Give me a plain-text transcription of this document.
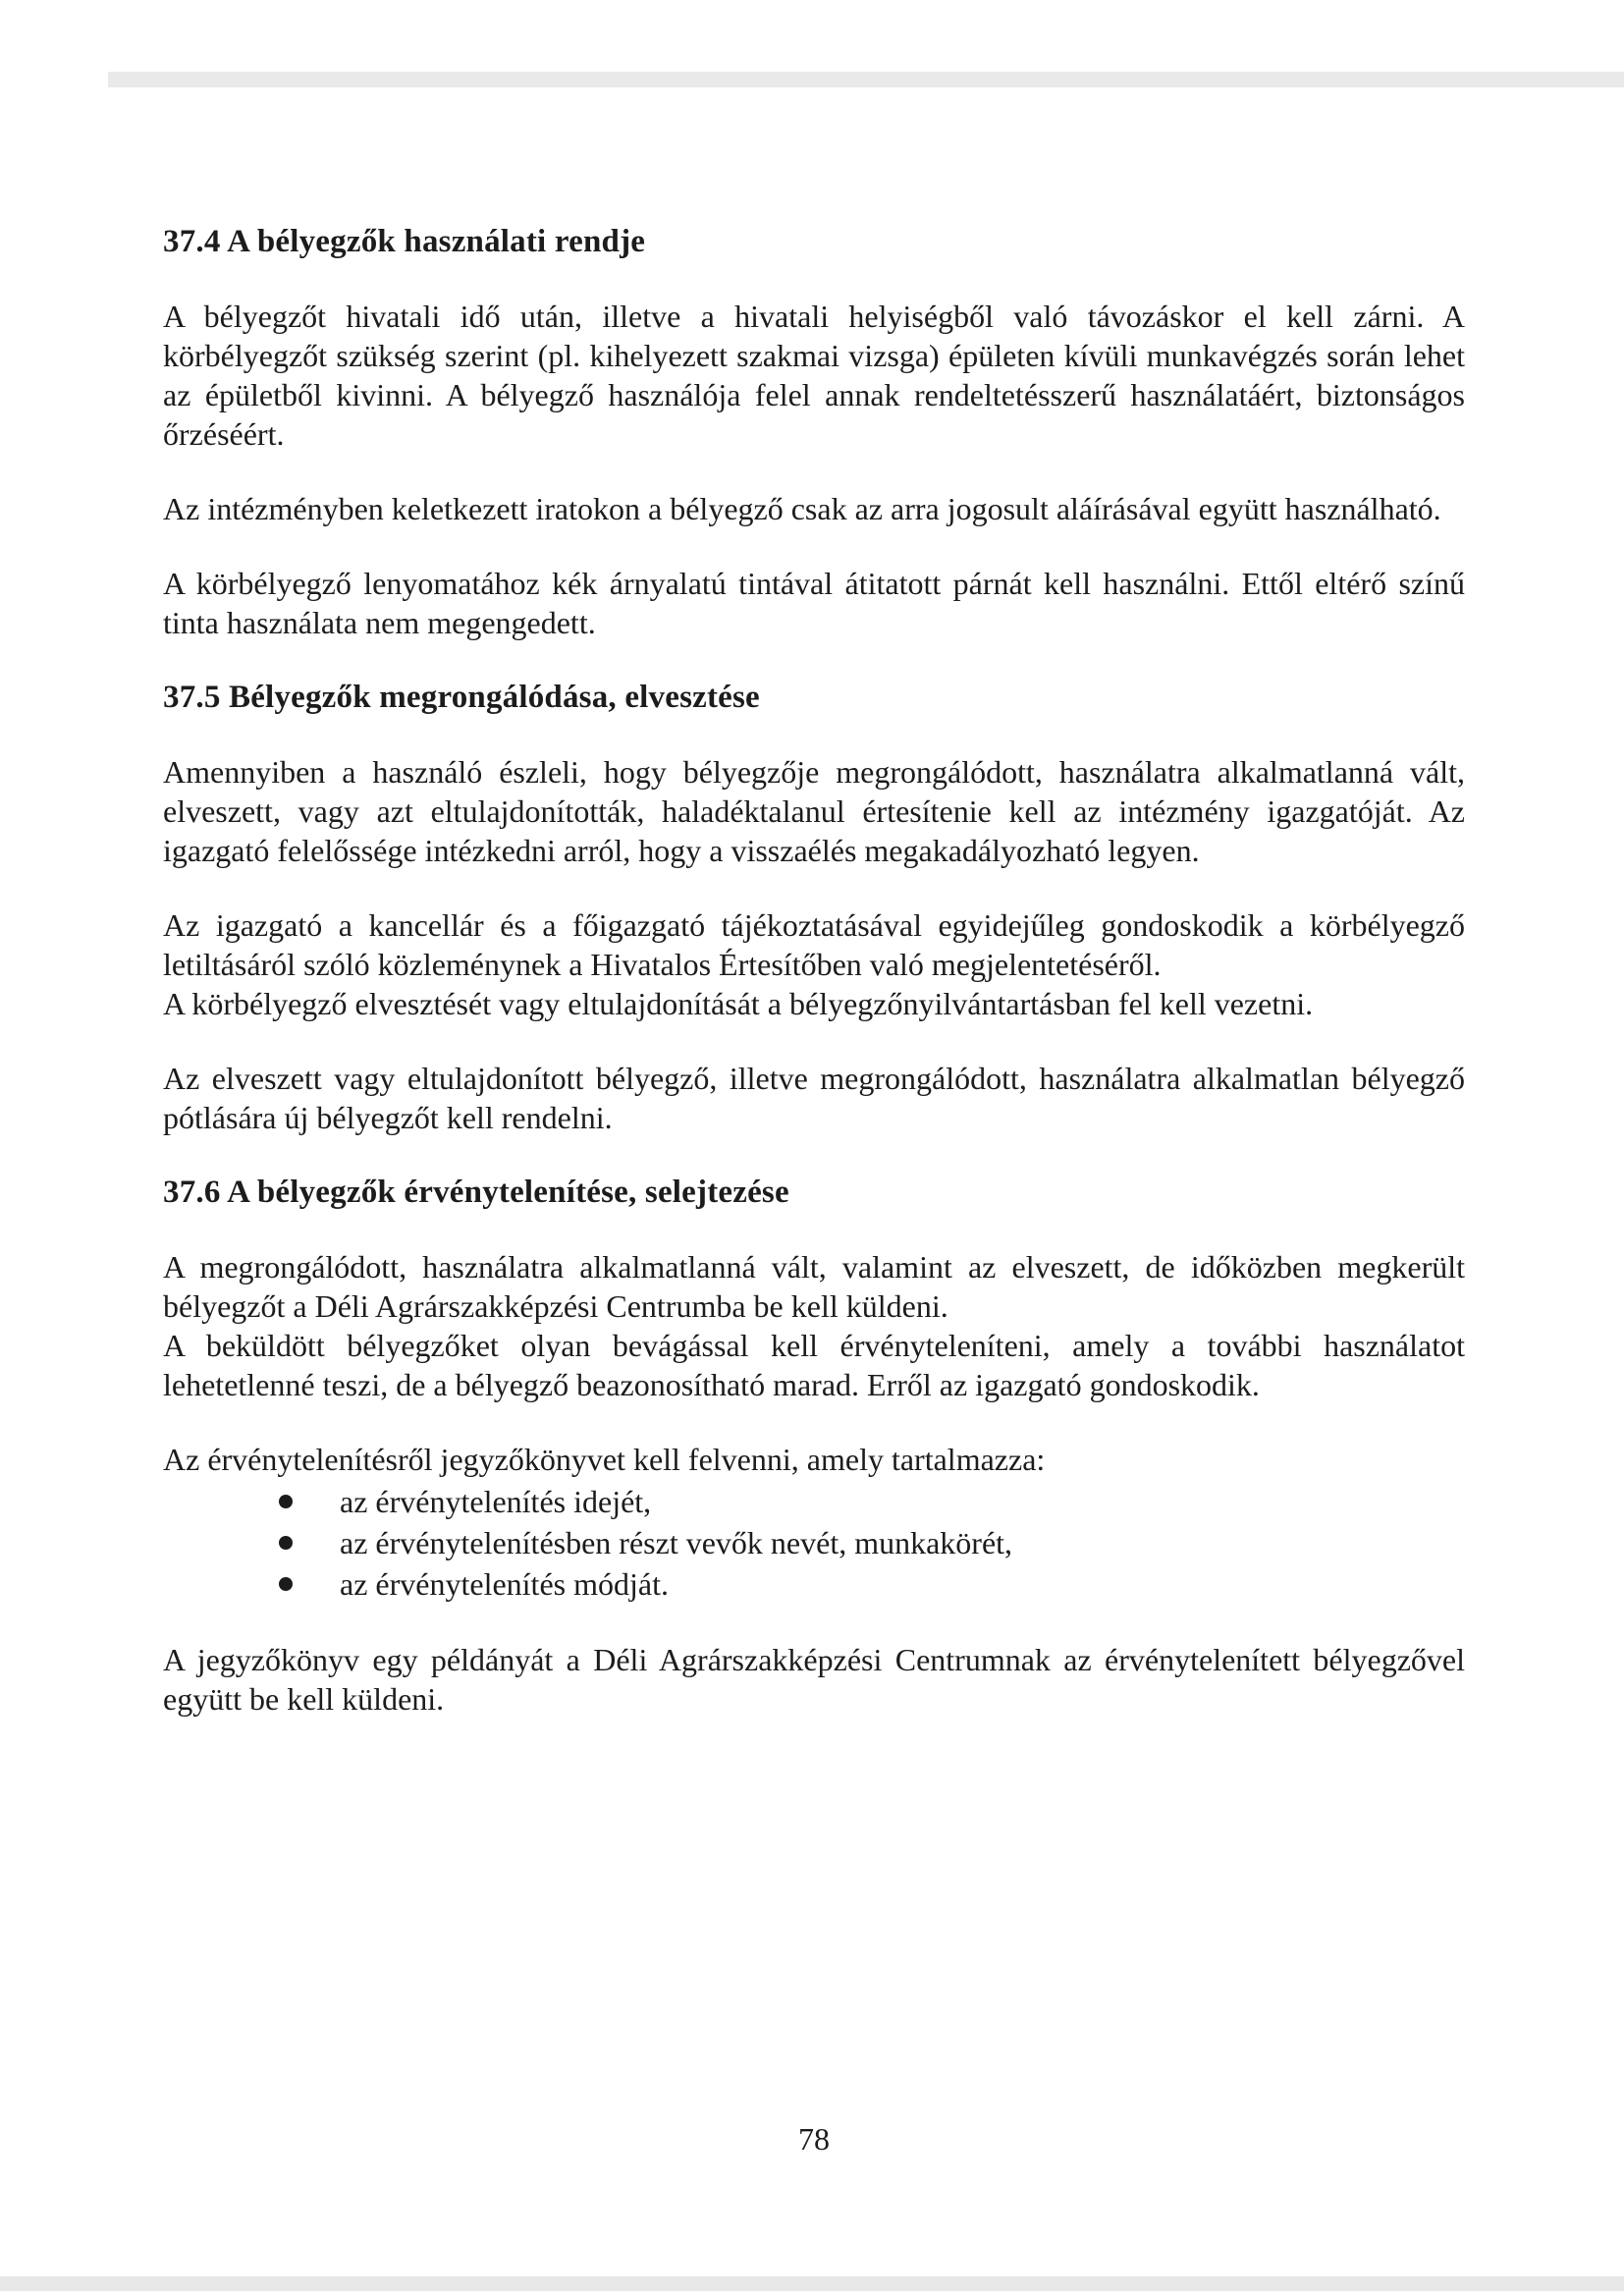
37.4 A bélyegzők használati rendje

A bélyegzőt hivatali idő után, illetve a hivatali helyiségből való távozáskor el kell zárni. A körbélyegzőt szükség szerint (pl. kihelyezett szakmai vizsga) épületen kívüli munkavégzés során lehet az épületből kivinni. A bélyegző használója felel annak rendeltetésszerű használatáért, biztonságos őrzéséért.

Az intézményben keletkezett iratokon a bélyegző csak az arra jogosult aláírásával együtt használható.

A körbélyegző lenyomatához kék árnyalatú tintával átitatott párnát kell használni. Ettől eltérő színű tinta használata nem megengedett.

37.5 Bélyegzők megrongálódása, elvesztése

Amennyiben a használó észleli, hogy bélyegzője megrongálódott, használatra alkalmatlanná vált, elveszett, vagy azt eltulajdonították, haladéktalanul értesítenie kell az intézmény igazgatóját. Az igazgató felelőssége intézkedni arról, hogy a visszaélés megakadályozható legyen.

Az igazgató a kancellár és a főigazgató tájékoztatásával egyidejűleg gondoskodik a körbélyegző letiltásáról szóló közleménynek a Hivatalos Értesítőben való megjelentetéséről.

A körbélyegző elvesztését vagy eltulajdonítását a bélyegzőnyilvántartásban fel kell vezetni.

Az elveszett vagy eltulajdonított bélyegző, illetve megrongálódott, használatra alkalmatlan bélyegző pótlására új bélyegzőt kell rendelni.

37.6 A bélyegzők érvénytelenítése, selejtezése

A megrongálódott, használatra alkalmatlanná vált, valamint az elveszett, de időközben megkerült bélyegzőt a Déli Agrárszakképzési Centrumba be kell küldeni.

A beküldött bélyegzőket olyan bevágással kell érvényteleníteni, amely a további használatot lehetetlenné teszi, de a bélyegző beazonosítható marad. Erről az igazgató gondoskodik.

Az érvénytelenítésről jegyzőkönyvet kell felvenni, amely tartalmazza:

az érvénytelenítés idejét,
az érvénytelenítésben részt vevők nevét, munkakörét,
az érvénytelenítés módját.

A jegyzőkönyv egy példányát a Déli Agrárszakképzési Centrumnak az érvénytelenített bélyegzővel együtt be kell küldeni.

78
